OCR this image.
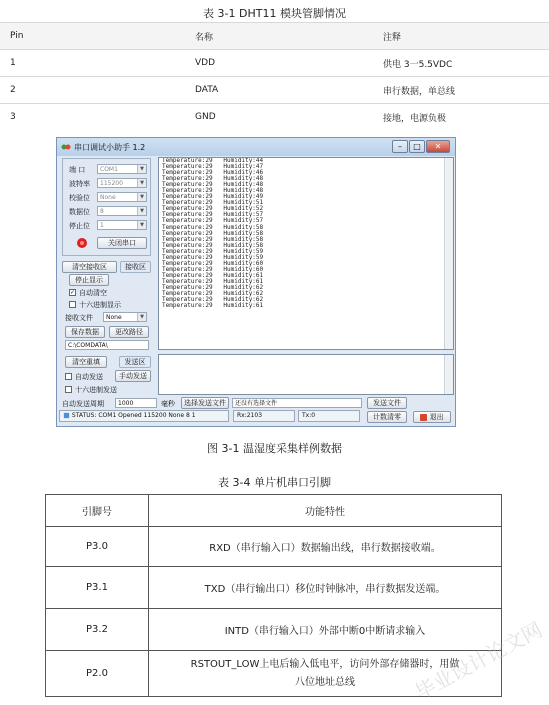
表 3-1 DHT11 模块管脚情况
Pin	名称	注释
1	VDD	供电 3一5.5VDC
2	DATA	串行数据，单总线
3	GND	接地，电源负极
串口调试小助手 1.2	–	□	✕
端 口	COM1	▼
波特率	115200	▼
校验位	None	▼
数据位	8	▼
停止位	1	▼
关闭串口
清空接收区	接收区
停止显示
✓ 自动清空
十六进制显示
接收文件	None	▼
保存数据	更改路径
C:\COMDATA\
Temperature:29   Humidity:44
Temperature:29   Humidity:47
Temperature:29   Humidity:46
Temperature:29   Humidity:48
Temperature:29   Humidity:48
Temperature:29   Humidity:48
Temperature:29   Humidity:49
Temperature:29   Humidity:51
Temperature:29   Humidity:52
Temperature:29   Humidity:57
Temperature:29   Humidity:57
Temperature:29   Humidity:58
Temperature:29   Humidity:58
Temperature:29   Humidity:58
Temperature:29   Humidity:58
Temperature:29   Humidity:59
Temperature:29   Humidity:59
Temperature:29   Humidity:60
Temperature:29   Humidity:60
Temperature:29   Humidity:61
Temperature:29   Humidity:61
Temperature:29   Humidity:62
Temperature:29   Humidity:62
Temperature:29   Humidity:62
Temperature:29   Humidity:61
清空重填	发送区
自动发送	手动发送
十六进制发送
自动发送周期	1000	毫秒	选择发送文件	还没有选择文件	发送文件
STATUS: COM1 Opened 115200 None 8 1	Rx:2103	Tx:0	计数清零	退出
图 3-1 温湿度采集样例数据
表 3-4 单片机串口引脚
引脚号	功能特性
P3.0	RXD（串行输入口）数据输出线，串行数据接收端。
P3.1	TXD（串行输出口）移位时钟脉冲，串行数据发送端。
P3.2	INTD（串行输入口）外部中断0中断请求输入
P2.0	RSTOUT_LOW上电后输入低电平，访问外部存储器时，用做
八位地址总线	毕业设计论文网
